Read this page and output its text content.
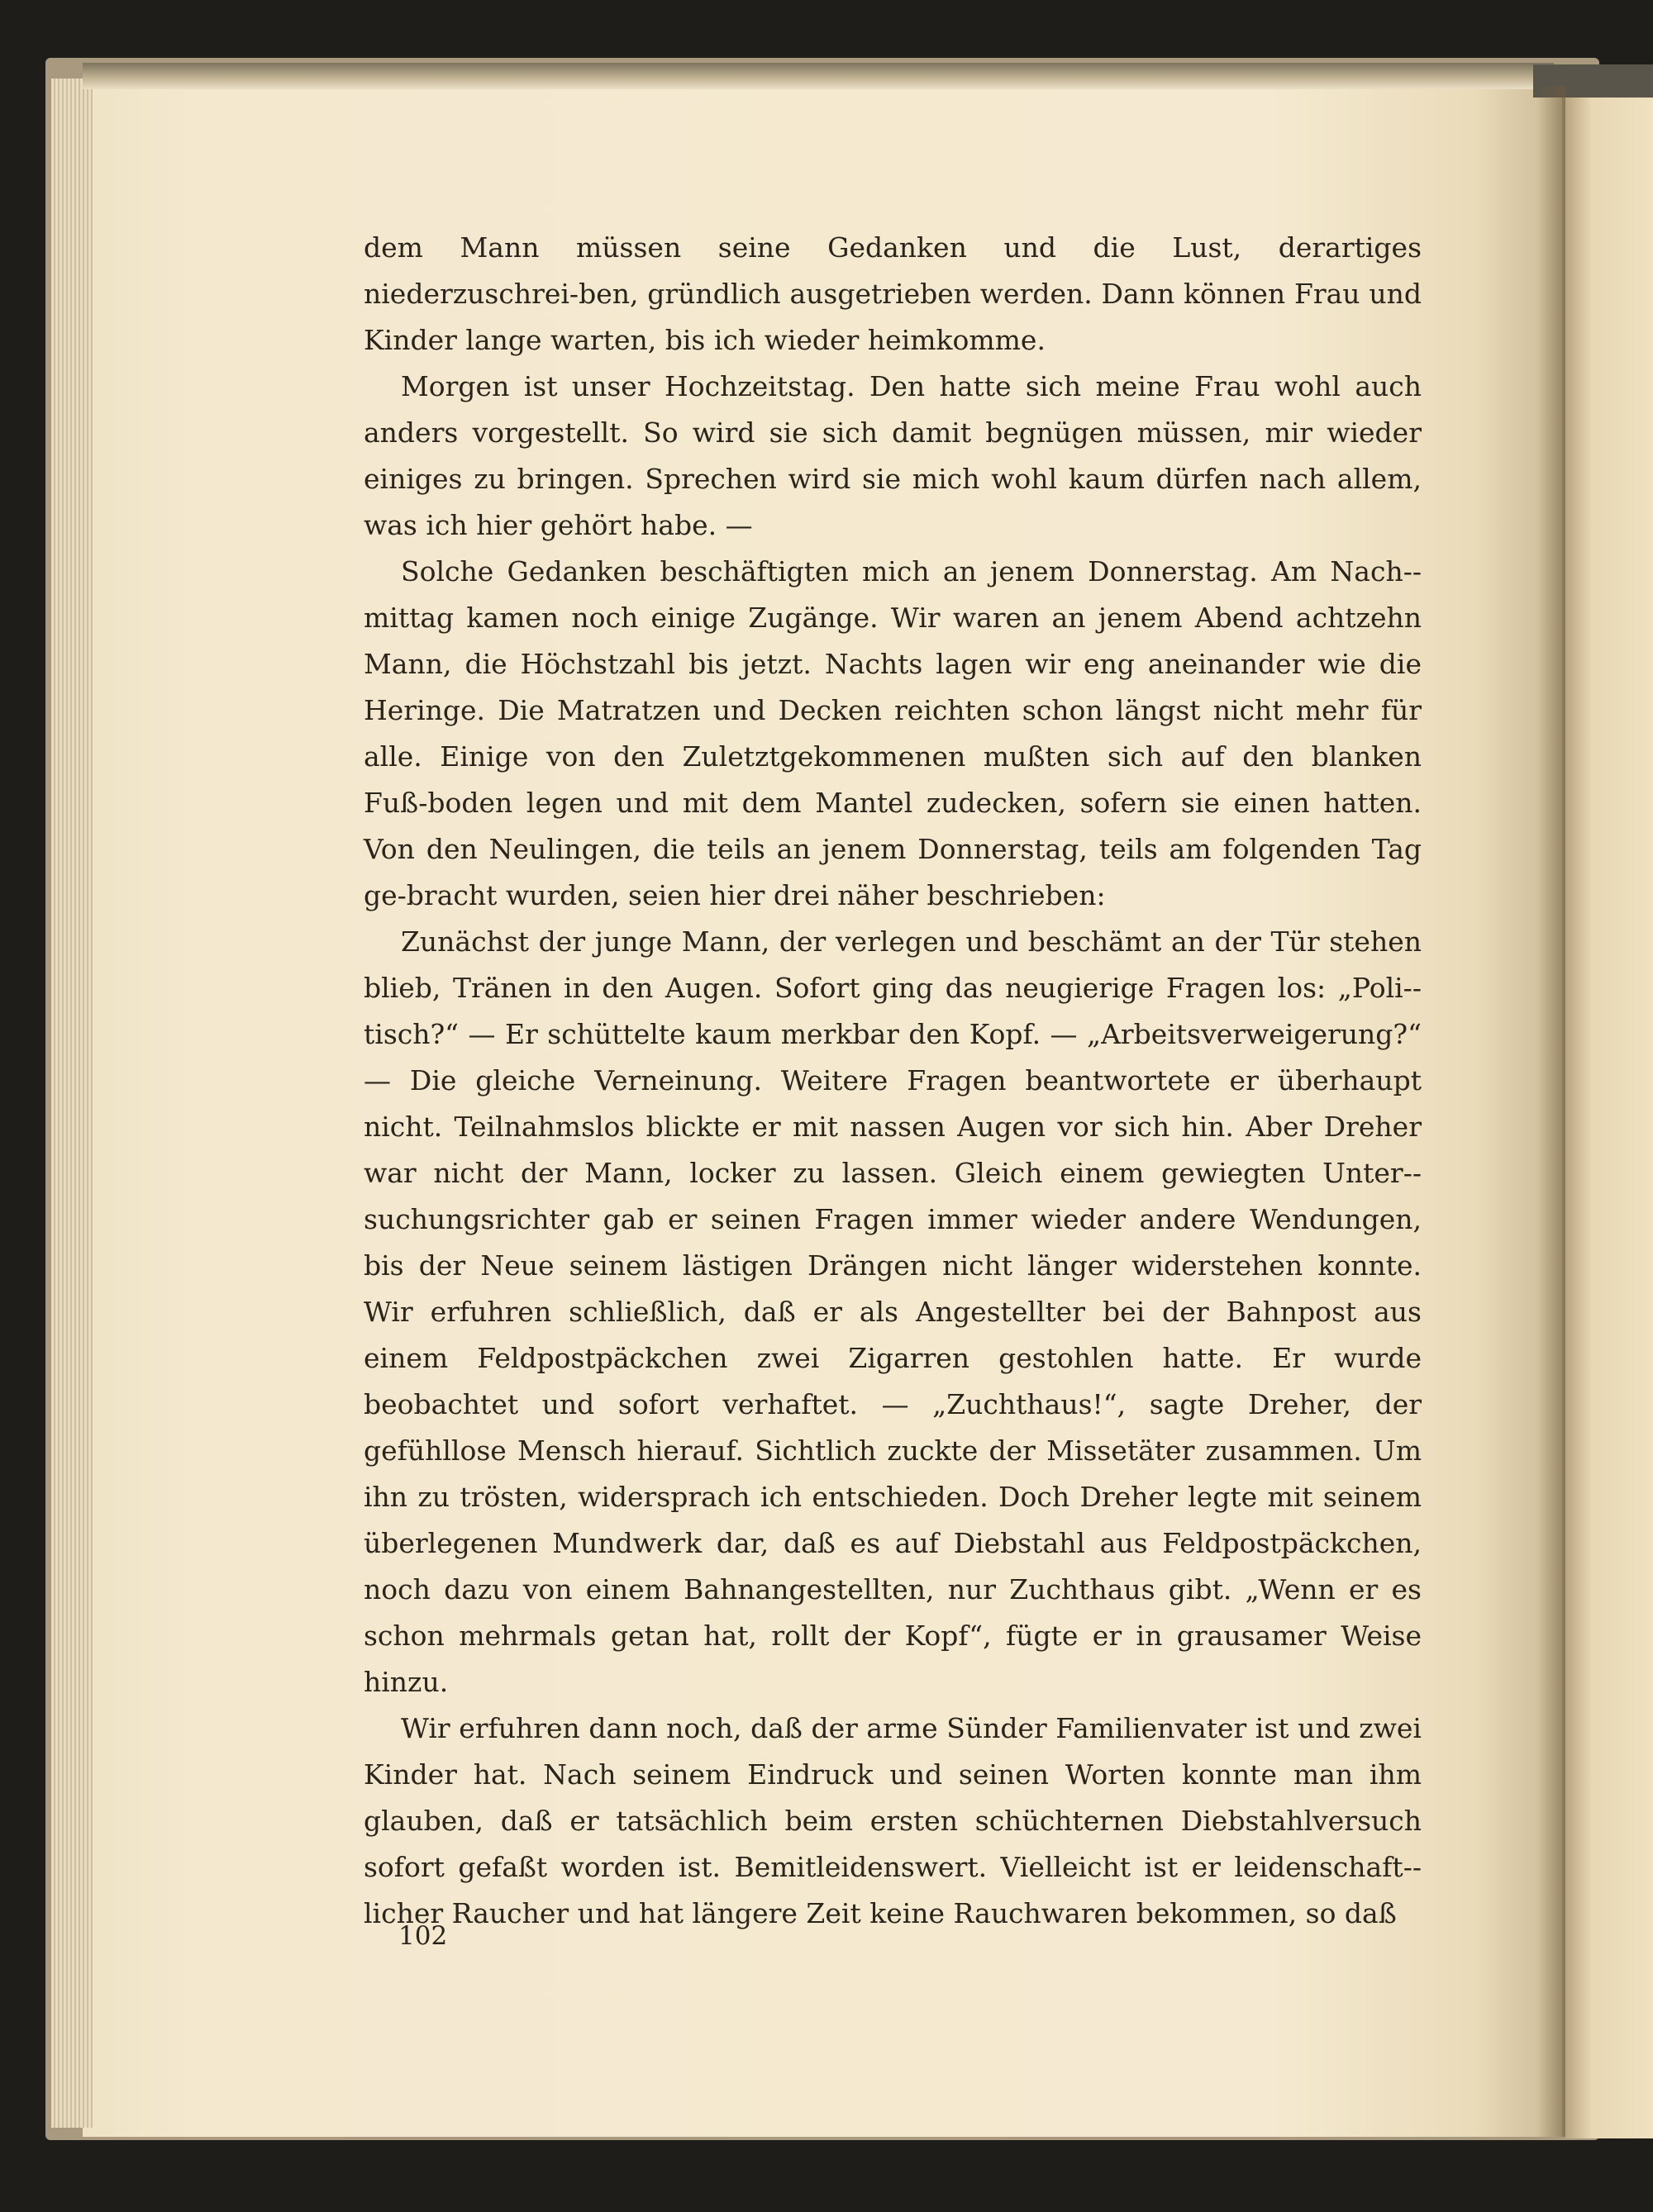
dem Mann müssen seine Gedanken und die Lust, derartiges niederzuschrei-ben, gründlich ausgetrieben werden. Dann können Frau und Kinder lange warten, bis ich wieder heimkomme.

Morgen ist unser Hochzeitstag. Den hatte sich meine Frau wohl auch anders vorgestellt. So wird sie sich damit begnügen müssen, mir wieder einiges zu bringen. Sprechen wird sie mich wohl kaum dürfen nach allem, was ich hier gehört habe. —

Solche Gedanken beschäftigten mich an jenem Donnerstag. Am Nach-mittag kamen noch einige Zugänge. Wir waren an jenem Abend achtzehn Mann, die Höchstzahl bis jetzt. Nachts lagen wir eng aneinander wie die Heringe. Die Matratzen und Decken reichten schon längst nicht mehr für alle. Einige von den Zuletztgekommenen mußten sich auf den blanken Fuß-boden legen und mit dem Mantel zudecken, sofern sie einen hatten. Von den Neulingen, die teils an jenem Donnerstag, teils am folgenden Tag ge-bracht wurden, seien hier drei näher beschrieben:

Zunächst der junge Mann, der verlegen und beschämt an der Tür stehen blieb, Tränen in den Augen. Sofort ging das neugierige Fragen los: „Poli-tisch?“ — Er schüttelte kaum merkbar den Kopf. — „Arbeitsverweigerung?“ — Die gleiche Verneinung. Weitere Fragen beantwortete er überhaupt nicht. Teilnahmslos blickte er mit nassen Augen vor sich hin. Aber Dreher war nicht der Mann, locker zu lassen. Gleich einem gewiegten Unter-suchungsrichter gab er seinen Fragen immer wieder andere Wendungen, bis der Neue seinem lästigen Drängen nicht länger widerstehen konnte. Wir erfuhren schließlich, daß er als Angestellter bei der Bahnpost aus einem Feldpostpäckchen zwei Zigarren gestohlen hatte. Er wurde beobachtet und sofort verhaftet. — „Zuchthaus!“, sagte Dreher, der gefühllose Mensch hierauf. Sichtlich zuckte der Missetäter zusammen. Um ihn zu trösten, widersprach ich entschieden. Doch Dreher legte mit seinem überlegenen Mundwerk dar, daß es auf Diebstahl aus Feldpostpäckchen, noch dazu von einem Bahnangestellten, nur Zuchthaus gibt. „Wenn er es schon mehrmals getan hat, rollt der Kopf“, fügte er in grausamer Weise hinzu.

Wir erfuhren dann noch, daß der arme Sünder Familienvater ist und zwei Kinder hat. Nach seinem Eindruck und seinen Worten konnte man ihm glauben, daß er tatsächlich beim ersten schüchternen Diebstahlversuch sofort gefaßt worden ist. Bemitleidenswert. Vielleicht ist er leidenschaft-licher Raucher und hat längere Zeit keine Rauchwaren bekommen, so daß

102
